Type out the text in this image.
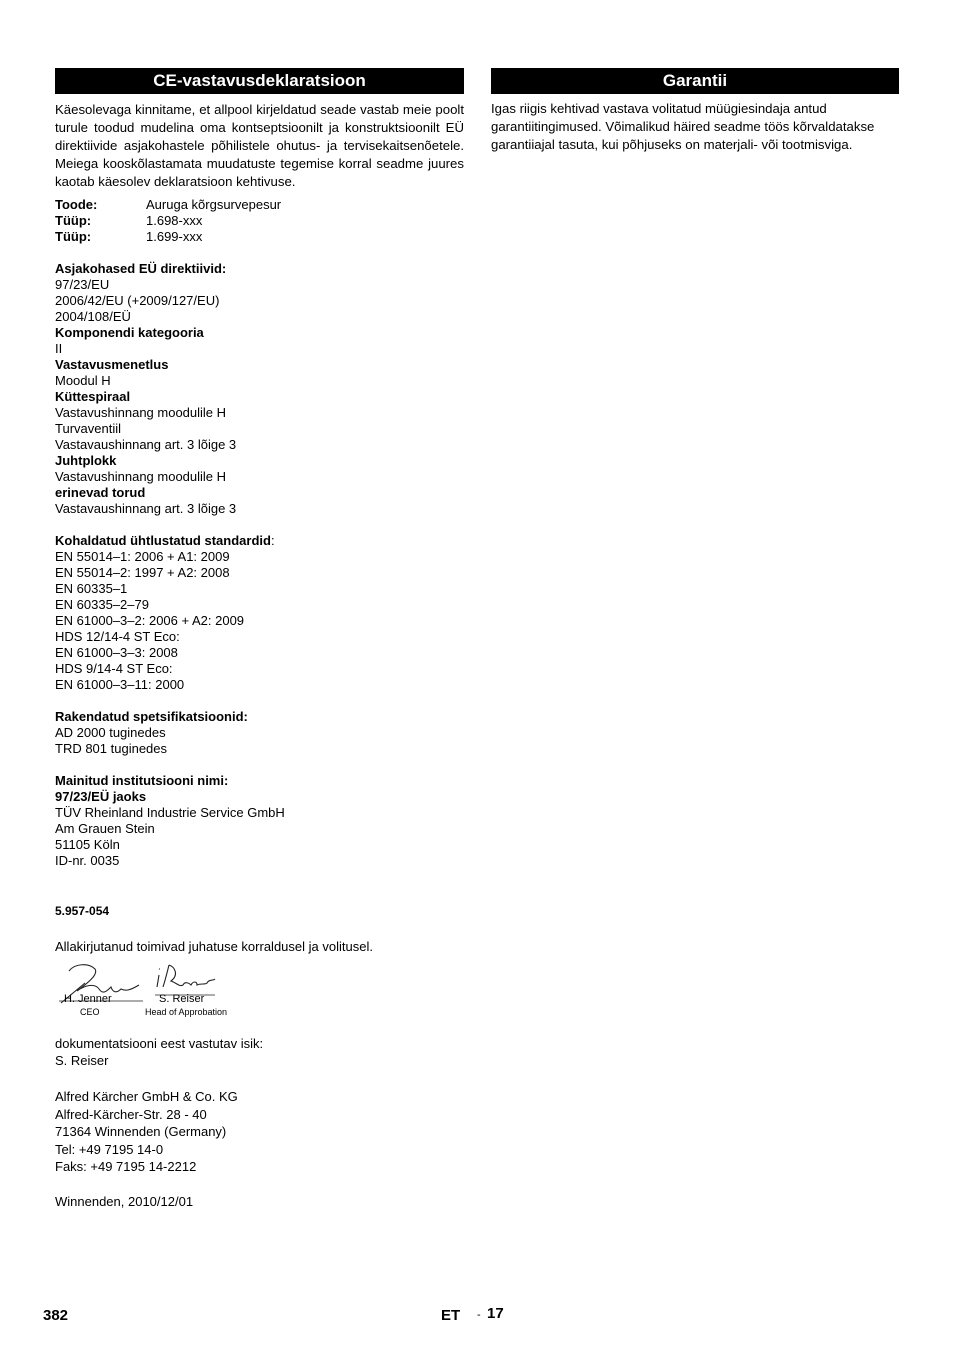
CE-vastavusdeklaratsioon
Käesolevaga kinnitame, et allpool kirjeldatud seade vastab meie poolt turule toodud mudelina oma kontseptsioonilt ja konstruktsioonilt EÜ direktiivide asjakohastele põhilistele ohutus- ja tervisekaitsenõetele. Meiega kooskõlastamata muudatuste tegemise korral seadme juures kaotab käesolev deklaratsioon kehtivuse.
Toode:	Auruga kõrgsurvepesur
Tüüp:	1.698-xxx
Tüüp:	1.699-xxx
Asjakohased EÜ direktiivid:
97/23/EU
2006/42/EU (+2009/127/EU)
2004/108/EÜ
Komponendi kategooria
II
Vastavusmenetlus
Moodul H
Küttespiraal
Vastavushinnang moodulile H
Turvaventiil
Vastavaushinnang art. 3 lõige 3
Juhtplokk
Vastavushinnang moodulile H
erinevad torud
Vastavaushinnang art. 3 lõige 3
Kohaldatud ühtlustatud standardid:
EN 55014–1: 2006 + A1: 2009
EN 55014–2: 1997 + A2: 2008
EN 60335–1
EN 60335–2–79
EN 61000–3–2: 2006 + A2: 2009
HDS 12/14-4 ST Eco:
EN 61000–3–3: 2008
HDS 9/14-4 ST Eco:
EN 61000–3–11: 2000
Rakendatud spetsifikatsioonid:
AD 2000 tuginedes
TRD 801 tuginedes
Mainitud institutsiooni nimi:
97/23/EÜ jaoks
TÜV Rheinland Industrie Service GmbH
Am Grauen Stein
51105 Köln
ID-nr. 0035
5.957-054
Allakirjutanud toimivad juhatuse korraldusel ja volitusel.
H. Jenner
CEO
S. Reiser
Head of Approbation
dokumentatsiooni eest vastutav isik:
S. Reiser
Alfred Kärcher GmbH & Co. KG
Alfred-Kärcher-Str. 28 - 40
71364 Winnenden (Germany)
Tel: +49 7195 14-0
Faks: +49 7195 14-2212
Winnenden, 2010/12/01
Garantii
Igas riigis kehtivad vastava volitatud müügiesindaja antud garantiitingimused. Võimalikud häired seadme töös kõrvaldatakse garantiiajal tasuta, kui põhjuseks on materjali- või tootmisviga.
382	ET - 17
